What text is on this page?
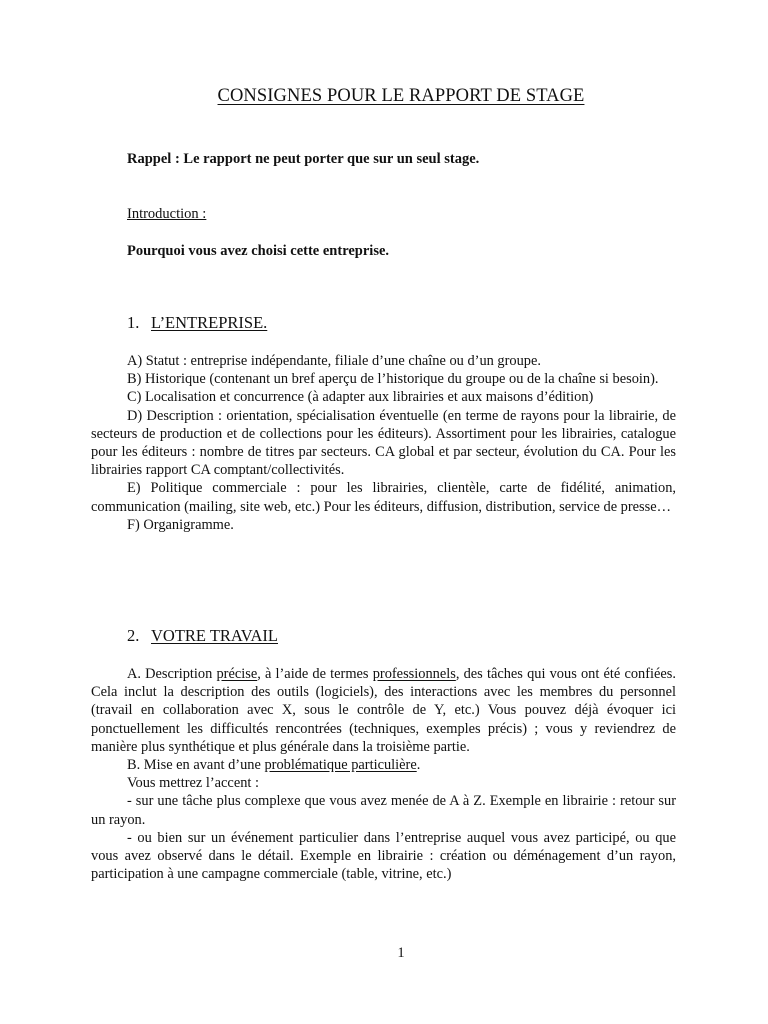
CONSIGNES POUR LE RAPPORT DE STAGE
Rappel : Le rapport ne peut porter que sur un seul stage.
Introduction :
Pourquoi vous avez choisi cette entreprise.
1. L’ENTREPRISE.

A) Statut : entreprise indépendante, filiale d’une chaîne ou d’un groupe.

B) Historique (contenant un bref aperçu de l’historique du groupe ou de la chaîne si besoin).

C) Localisation et concurrence (à adapter aux librairies et aux maisons d’édition)

D) Description : orientation, spécialisation éventuelle (en terme de rayons pour la librairie, de secteurs de production et de collections pour les éditeurs). Assortiment pour les librairies, catalogue pour les éditeurs : nombre de titres par secteurs. CA global et par secteur, évolution du CA. Pour les librairies rapport CA comptant/collectivités.

E) Politique commerciale : pour les librairies, clientèle, carte de fidélité, animation, communication (mailing, site web, etc.) Pour les éditeurs, diffusion, distribution, service de presse…

F) Organigramme.

2. VOTRE TRAVAIL

A. Description précise, à l’aide de termes professionnels, des tâches qui vous ont été confiées. Cela inclut la description des outils (logiciels), des interactions avec les membres du personnel (travail en collaboration avec X, sous le contrôle de Y, etc.) Vous pouvez déjà évoquer ici ponctuellement les difficultés rencontrées (techniques, exemples précis) ; vous y reviendrez de manière plus synthétique et plus générale dans la troisième partie.

B. Mise en avant d’une problématique particulière.

Vous mettrez l’accent :

- sur une tâche plus complexe que vous avez menée de A à Z. Exemple en librairie : retour sur un rayon.

- ou bien sur un événement particulier dans l’entreprise auquel vous avez participé, ou que vous avez observé dans le détail. Exemple en librairie : création ou déménagement d’un rayon, participation à une campagne commerciale (table, vitrine, etc.)

1
